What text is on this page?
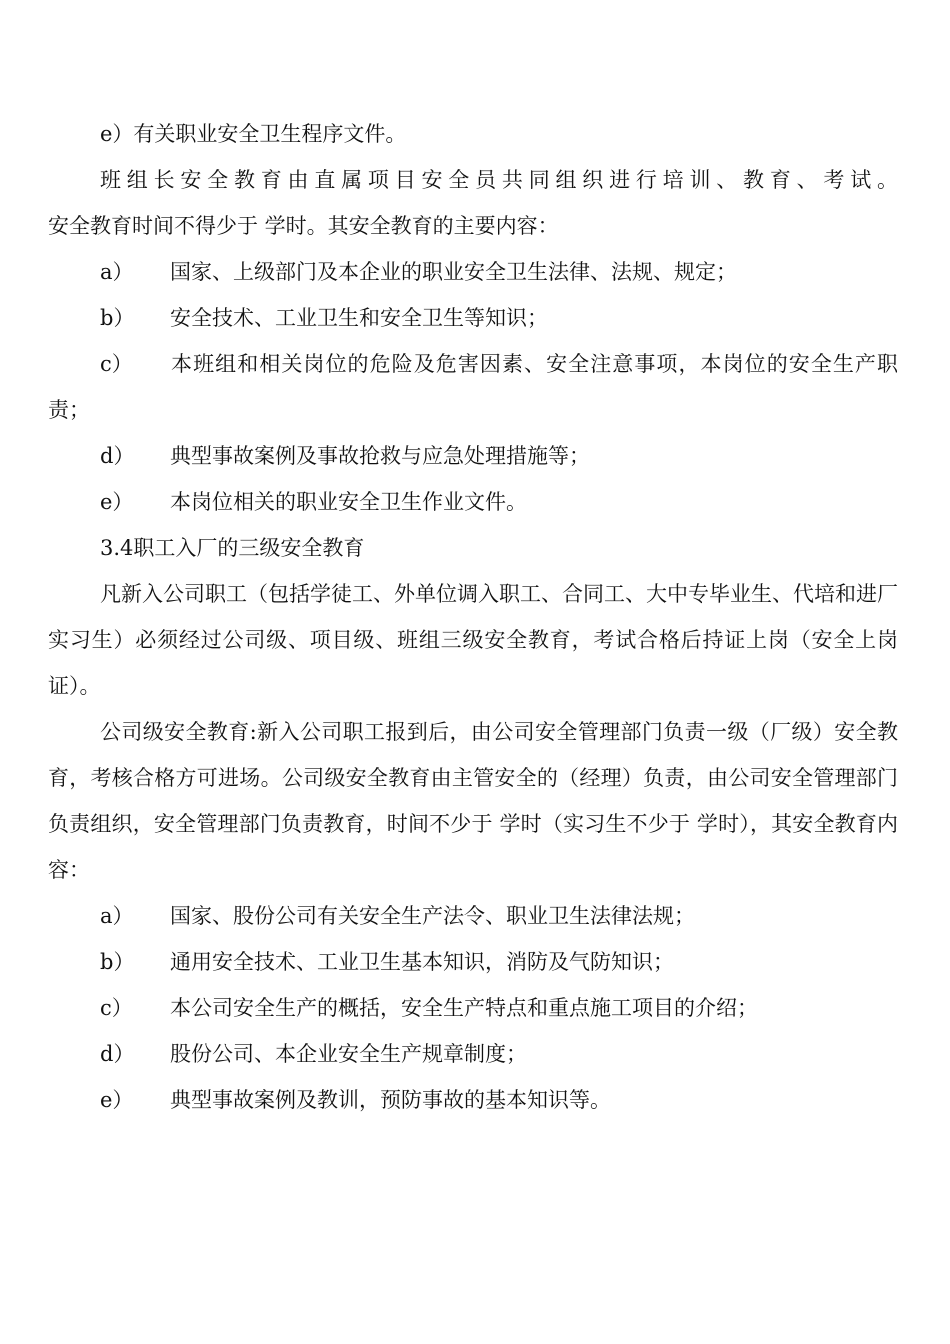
e）有关职业安全卫生程序文件。

班组长安全教育由直属项目安全员共同组织进行培训、教育、考试。

安全教育时间不得少于 学时。其安全教育的主要内容：

a）	国家、上级部门及本企业的职业安全卫生法律、法规、规定；
b）	安全技术、工业卫生和安全卫生等知识；

c） 本班组和相关岗位的危险及危害因素、安全注意事项，本岗位的安全生产职责；

d）	典型事故案例及事故抢救与应急处理措施等；
e）	本岗位相关的职业安全卫生作业文件。

3.4职工入厂的三级安全教育

凡新入公司职工（包括学徒工、外单位调入职工、合同工、大中专毕业生、代培和进厂实习生）必须经过公司级、项目级、班组三级安全教育，考试合格后持证上岗（安全上岗证）。

公司级安全教育:新入公司职工报到后，由公司安全管理部门负责一级（厂级）安全教育，考核合格方可进场。公司级安全教育由主管安全的（经理）负责，由公司安全管理部门负责组织，安全管理部门负责教育，时间不少于 学时（实习生不少于 学时），其安全教育内容：

a）	国家、股份公司有关安全生产法令、职业卫生法律法规；
b）	通用安全技术、工业卫生基本知识，消防及气防知识；
c）	本公司安全生产的概括，安全生产特点和重点施工项目的介绍；
d）	股份公司、本企业安全生产规章制度；
e）	典型事故案例及教训，预防事故的基本知识等。
